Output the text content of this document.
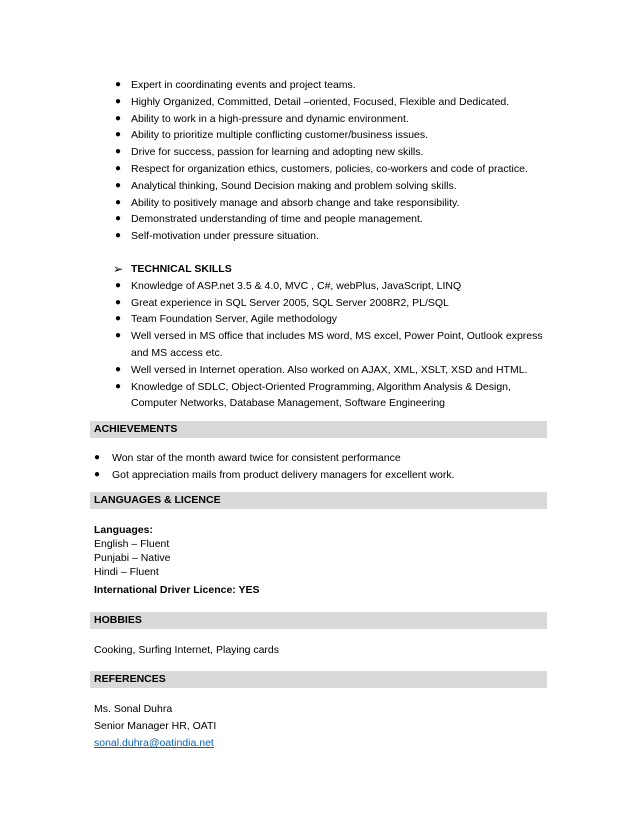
● Expert in coordinating events and project teams.
● Highly Organized, Committed, Detail –oriented, Focused, Flexible and Dedicated.
● Ability to work in a high-pressure and dynamic environment.
● Ability to prioritize multiple conflicting customer/business issues.
● Drive for success, passion for learning and adopting new skills.
● Respect for organization ethics, customers, policies, co-workers and code of practice.
● Analytical thinking, Sound Decision making and problem solving skills.
● Ability to positively manage and absorb change and take responsibility.
● Demonstrated understanding of time and people management.
● Self-motivation under pressure situation.
➢ TECHNICAL SKILLS
● Knowledge of ASP.net 3.5 & 4.0, MVC , C#, webPlus, JavaScript, LINQ
● Great experience in SQL Server 2005, SQL Server 2008R2, PL/SQL
● Team Foundation Server, Agile methodology
● Well versed in MS office that includes MS word, MS excel, Power Point, Outlook express and MS access etc.
● Well versed in Internet operation. Also worked on AJAX, XML, XSLT, XSD and HTML.
● Knowledge of SDLC, Object-Oriented Programming, Algorithm Analysis & Design, Computer Networks, Database Management, Software Engineering
ACHIEVEMENTS
●	Won star of the month award twice for consistent performance
●	Got appreciation mails from product delivery managers for excellent work.
LANGUAGES & LICENCE
Languages:
English – Fluent
Punjabi – Native
Hindi – Fluent
International Driver Licence: YES
HOBBIES
Cooking, Surfing Internet, Playing cards
REFERENCES
Ms. Sonal Duhra
Senior Manager HR, OATI
sonal.duhra@oatindia.net
